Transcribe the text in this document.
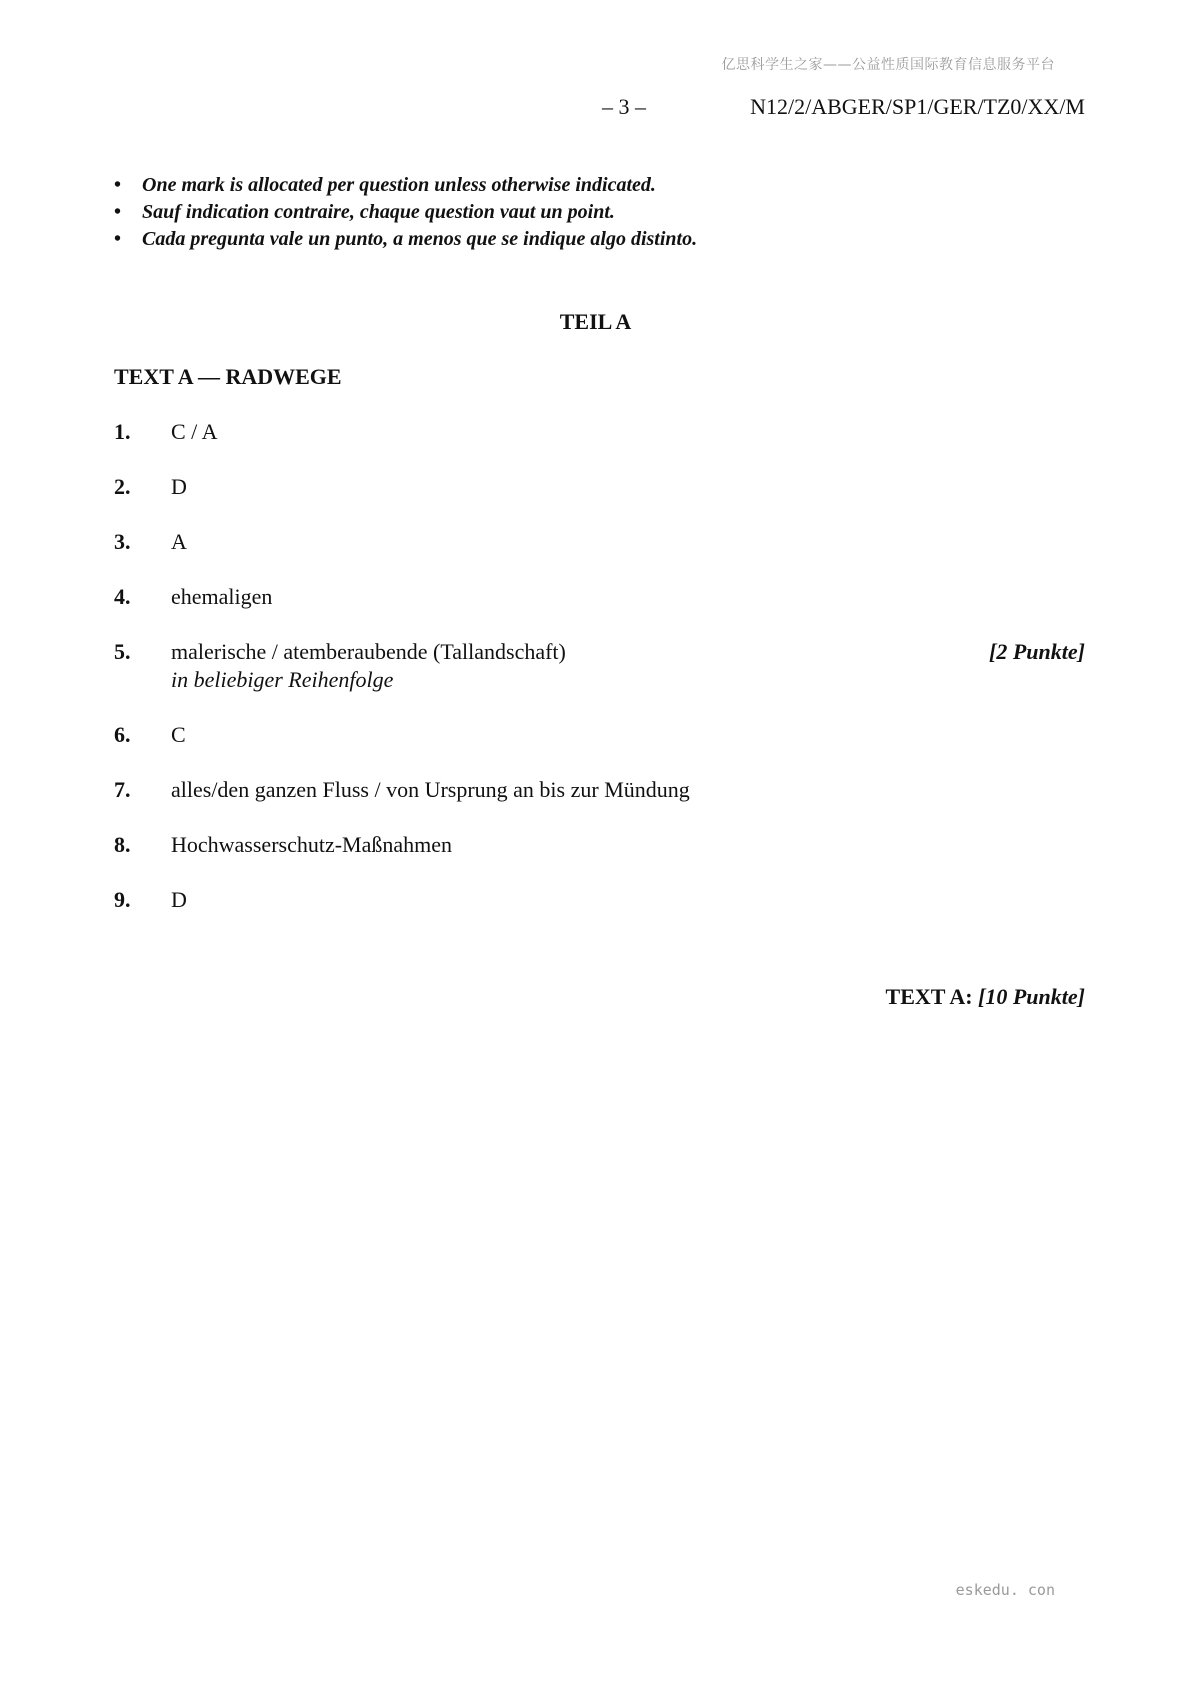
亿思科学生之家——公益性质国际教育信息服务平台
– 3 –	N12/2/ABGER/SP1/GER/TZ0/XX/M
• One mark is allocated per question unless otherwise indicated.
• Sauf indication contraire, chaque question vaut un point.
• Cada pregunta vale un punto, a menos que se indique algo distinto.
TEIL A
TEXT A — RADWEGE
1. C / A
2. D
3. A
4. ehemaligen
5. malerische / atemberaubende (Tallandschaft)
in beliebiger Reihenfolge
[2 Punkte]
6. C
7. alles/den ganzen Fluss / von Ursprung an bis zur Mündung
8. Hochwasserschutz-Maßnahmen
9. D
TEXT A: [10 Punkte]
eskedu. con
